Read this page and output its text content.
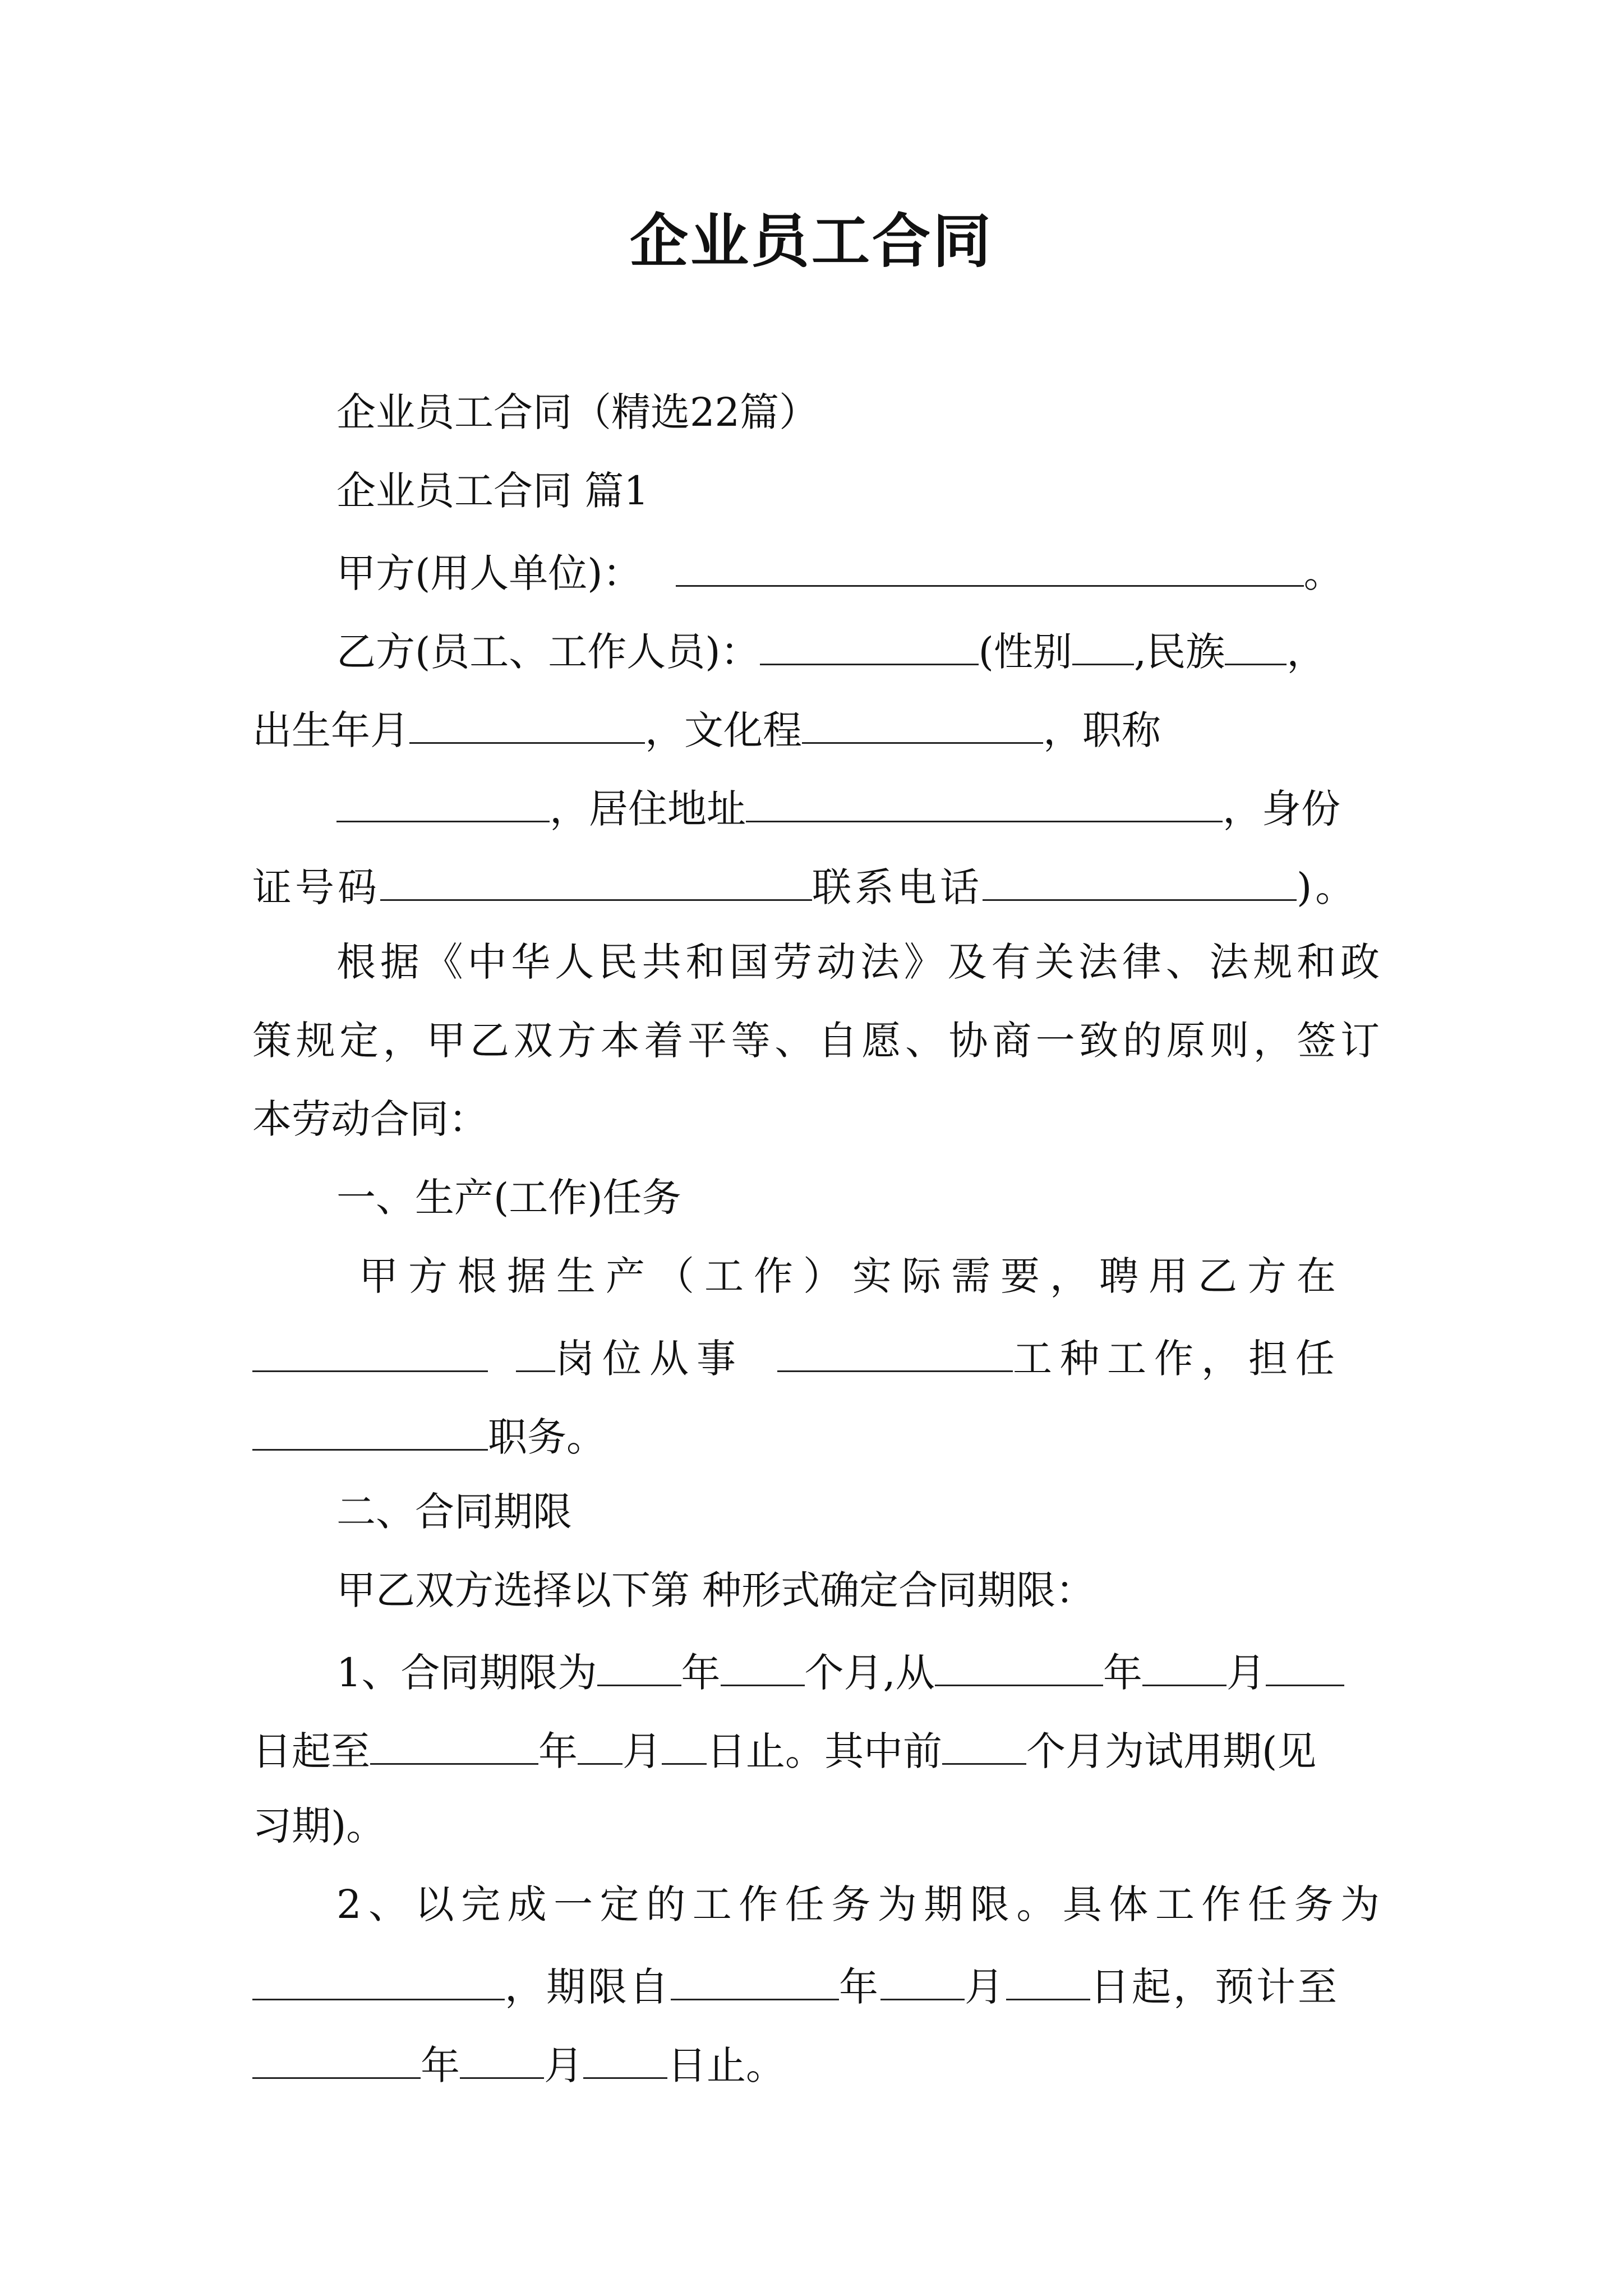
企业员工合同
企业员工合同（精选22篇）
企业员工合同 篇1
甲方(用人单位)：	。
乙方(员工、工作人员)：	(性别 ,民族 ，
出生年月	，文化程	，职称
，居住地址	，身份
证号码	联系电话	)。
根据《中华人民共和国劳动法》及有关法律、法规和政
策规定，甲乙双方本着平等、自愿、协商一致的原则，签订
本劳动合同：
一、生产(工作)任务
甲方根据生产（工作）实际需要，聘用乙方在
岗位从事	工种工作，担任
职务。
二、合同期限
甲乙双方选择以下第 种形式确定合同期限：
1、合同期限为 年 个月,从	年 月
日起至	年 月 日止。其中前 个月为试用期(见
习期)。
2、以完成一定的工作任务为期限。具体工作任务为
，期限自	年 月 日起，预计至
年 月 日止。
